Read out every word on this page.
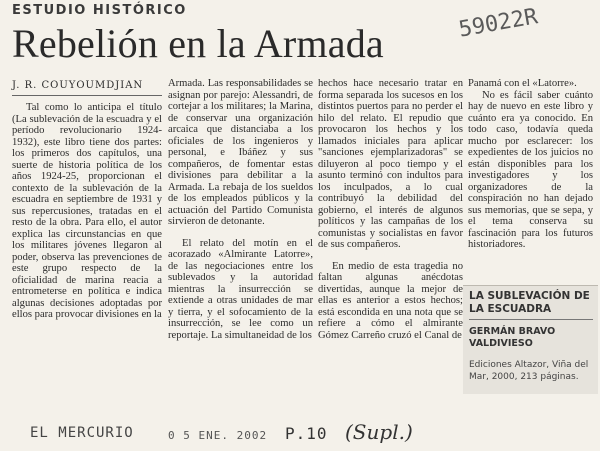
ESTUDIO HISTÓRICO
Rebelión en la Armada	59022R
J. R. COUYOUMDJIAN

Tal como lo anticipa el título (La sublevación de la escuadra y el período revolucionario 1924-1932), este libro tiene dos partes: los primeros dos capítulos, una suerte de historia política de los años 1924-25, proporcionan el contexto de la sublevación de la escuadra en septiembre de 1931 y sus repercusiones, tratadas en el resto de la obra. Para ello, el autor explica las circunstancias en que los militares jóvenes llegaron al poder, observa las prevenciones de este grupo respecto de la oficialidad de marina reacia a entrometerse en política e indica algunas decisiones adoptadas por ellos para provocar divisiones en la

Armada. Las responsabilidades se asignan por parejo: Alessandri, de cortejar a los militares; la Marina, de conservar una organización arcaica que distanciaba a los oficiales de los ingenieros y personal, e Ibáñez y sus compañeros, de fomentar estas divisiones para debilitar a la Armada. La rebaja de los sueldos de los empleados públicos y la actuación del Partido Comunista sirvieron de detonante.

El relato del motín en el acorazado «Almirante Latorre», de las negociaciones entre los sublevados y la autoridad mientras la insurrección se extiende a otras unidades de mar y tierra, y el sofocamiento de la insurrección, se lee como un reportaje. La simultaneidad de los

hechos hace necesario tratar en forma separada los sucesos en los distintos puertos para no perder el hilo del relato. El repudio que provocaron los hechos y los llamados iniciales para aplicar "sanciones ejemplarizadoras" se diluyeron al poco tiempo y el asunto terminó con indultos para los inculpados, a lo cual contribuyó la debilidad del gobierno, el interés de algunos políticos y las campañas de los comunistas y socialistas en favor de sus compañeros.

En medio de esta tragedia no faltan algunas anécdotas divertidas, aunque la mejor de ellas es anterior a estos hechos; está escondida en una nota que se refiere a cómo el almirante Gómez Carreño cruzó el Canal de

Panamá con el «Latorre».

No es fácil saber cuánto hay de nuevo en este libro y cuánto era ya conocido. En todo caso, todavía queda mucho por esclarecer: los expedientes de los juicios no están disponibles para los investigadores y los organizadores de la conspiración no han dejado sus memorias, que se sepa, y el tema conserva su fascinación para los futuros historiadores.

LA SUBLEVACIÓN DE LA ESCUADRA
GERMÁN BRAVO VALDIVIESO
Ediciones Altazor, Viña del Mar, 2000, 213 páginas.
EL MERCURIO	0 5 ENE. 2002 P.10 (Supl.)
